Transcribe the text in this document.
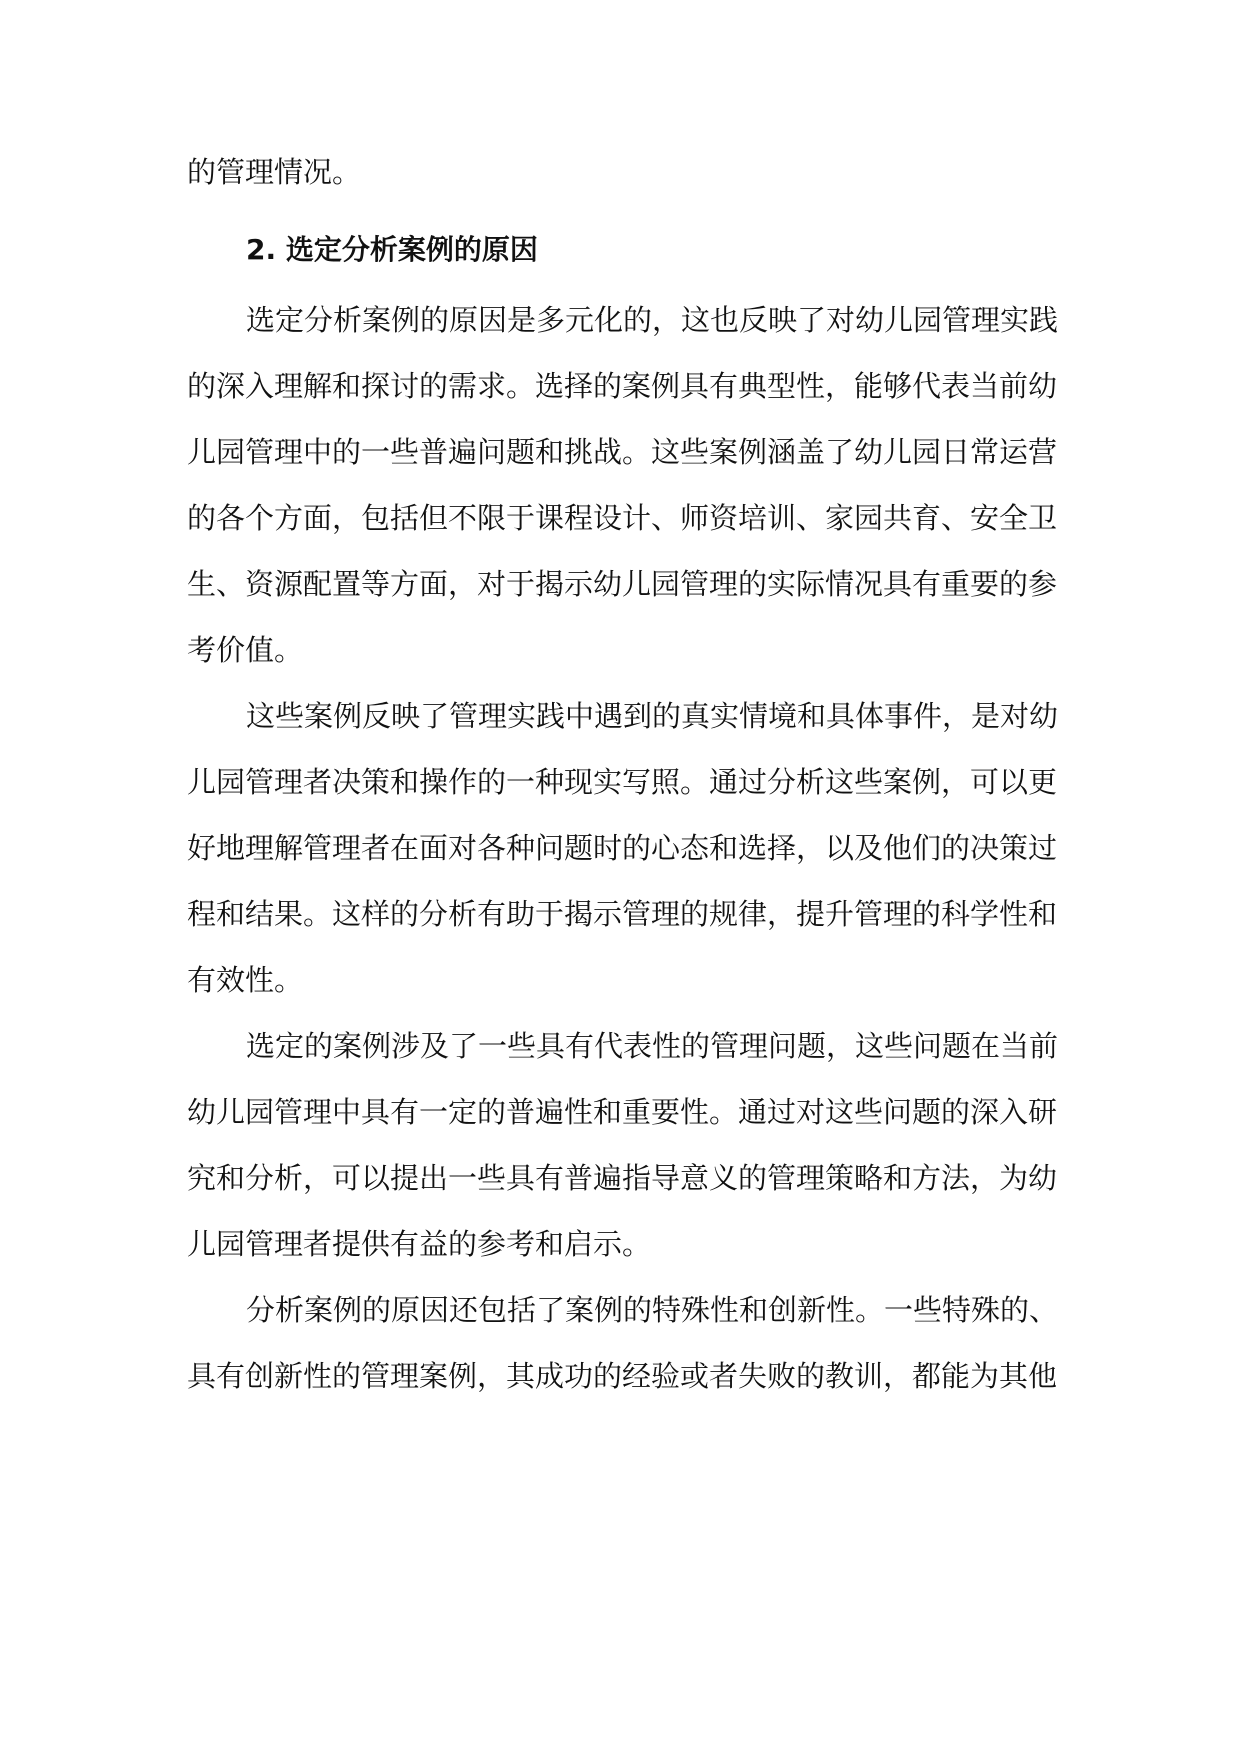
的管理情况。
2. 选定分析案例的原因
选定分析案例的原因是多元化的，这也反映了对幼儿园管理实践
的深入理解和探讨的需求。选择的案例具有典型性，能够代表当前幼
儿园管理中的一些普遍问题和挑战。这些案例涵盖了幼儿园日常运营
的各个方面，包括但不限于课程设计、师资培训、家园共育、安全卫
生、资源配置等方面，对于揭示幼儿园管理的实际情况具有重要的参
考价值。
这些案例反映了管理实践中遇到的真实情境和具体事件，是对幼
儿园管理者决策和操作的一种现实写照。通过分析这些案例，可以更
好地理解管理者在面对各种问题时的心态和选择，以及他们的决策过
程和结果。这样的分析有助于揭示管理的规律，提升管理的科学性和
有效性。
选定的案例涉及了一些具有代表性的管理问题，这些问题在当前
幼儿园管理中具有一定的普遍性和重要性。通过对这些问题的深入研
究和分析，可以提出一些具有普遍指导意义的管理策略和方法，为幼
儿园管理者提供有益的参考和启示。
分析案例的原因还包括了案例的特殊性和创新性。一些特殊的、
具有创新性的管理案例，其成功的经验或者失败的教训，都能为其他
